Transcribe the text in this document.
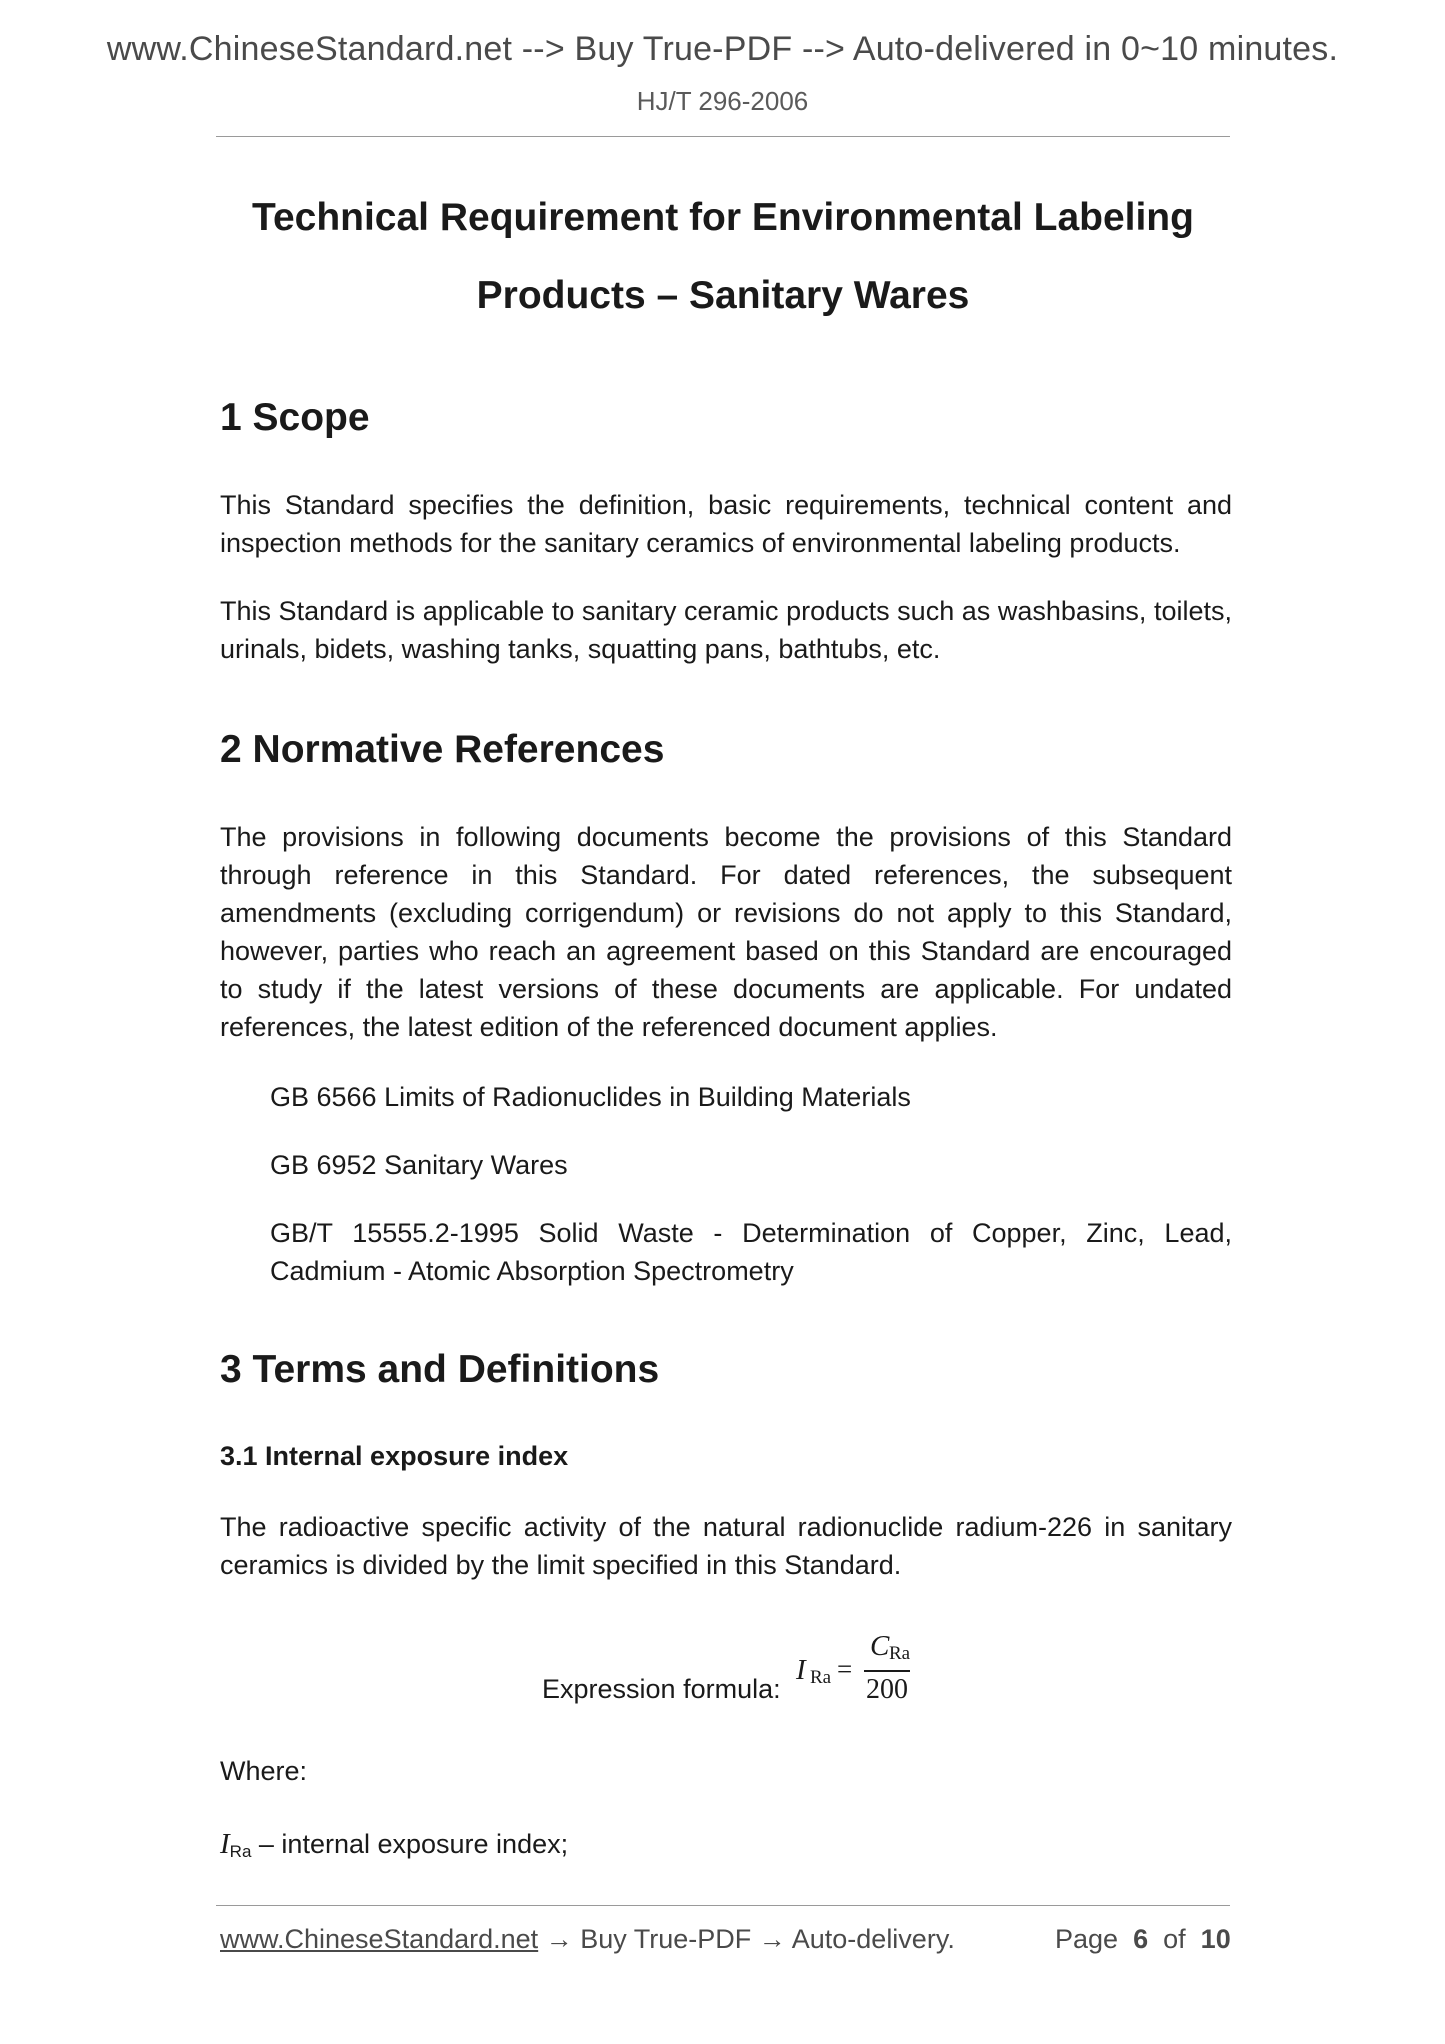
www.ChineseStandard.net --> Buy True-PDF --> Auto-delivered in 0~10 minutes.
HJ/T 296-2006
Technical Requirement for Environmental Labeling
Products – Sanitary Wares
1 Scope
This Standard specifies the definition, basic requirements, technical content and inspection methods for the sanitary ceramics of environmental labeling products.
This Standard is applicable to sanitary ceramic products such as washbasins, toilets, urinals, bidets, washing tanks, squatting pans, bathtubs, etc.
2 Normative References
The provisions in following documents become the provisions of this Standard through reference in this Standard. For dated references, the subsequent amendments (excluding corrigendum) or revisions do not apply to this Standard, however, parties who reach an agreement based on this Standard are encouraged to study if the latest versions of these documents are applicable. For undated references, the latest edition of the referenced document applies.
GB 6566 Limits of Radionuclides in Building Materials
GB 6952 Sanitary Wares
GB/T 15555.2-1995 Solid Waste - Determination of Copper, Zinc, Lead, Cadmium - Atomic Absorption Spectrometry
3 Terms and Definitions
3.1 Internal exposure index
The radioactive specific activity of the natural radionuclide radium-226 in sanitary ceramics is divided by the limit specified in this Standard.
Expression formula:
I Ra =
C Ra
200
Where:
IRa – internal exposure index;
www.ChineseStandard.net → Buy True-PDF → Auto-delivery.	Page 6 of 10
